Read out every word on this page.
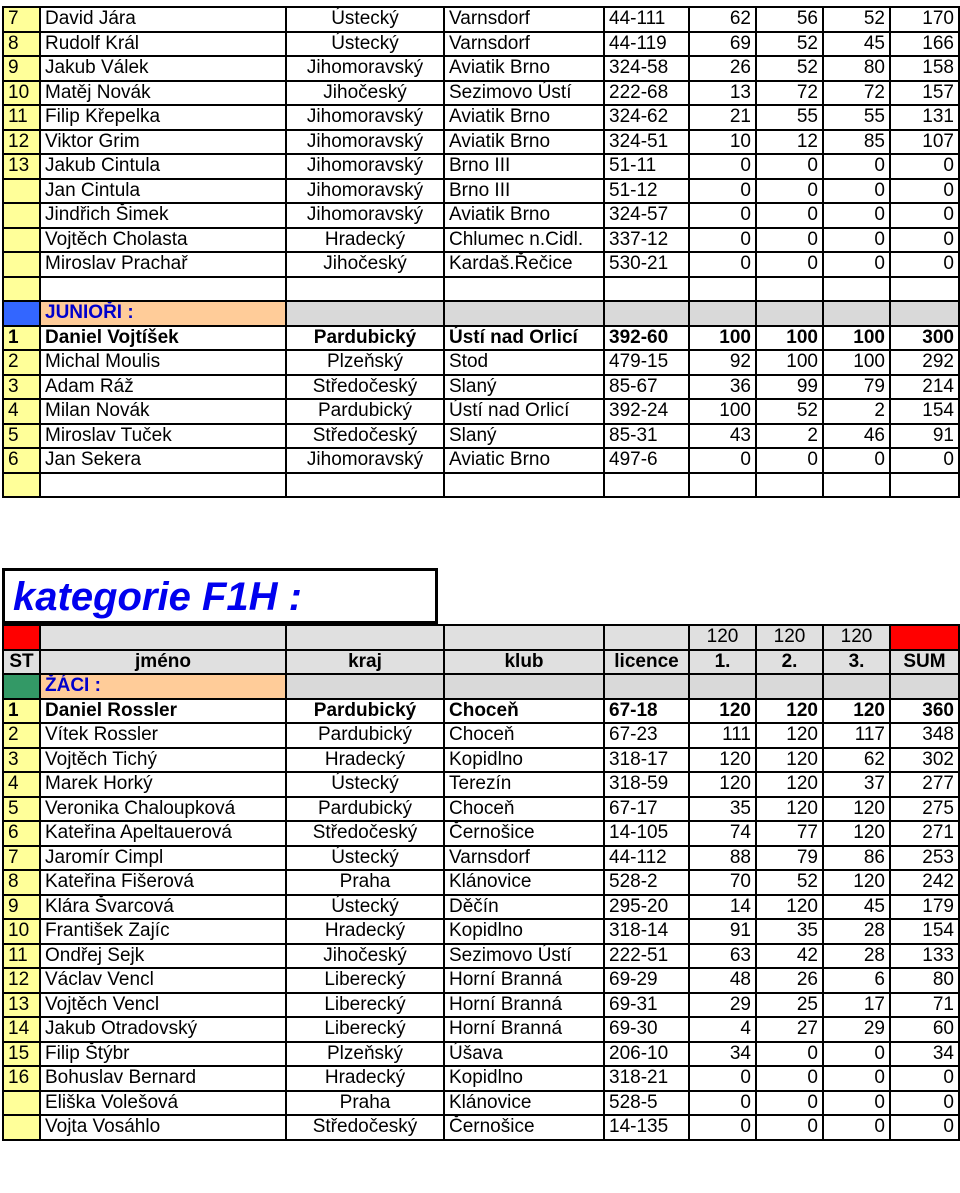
7	David Jára	Ústecký	Varnsdorf	44-111	62	56	52	170
8	Rudolf Král	Ústecký	Varnsdorf	44-119	69	52	45	166
9	Jakub Válek	Jihomoravský	Aviatik Brno	324-58	26	52	80	158
10	Matěj Novák	Jihočeský	Sezimovo Ústí	222-68	13	72	72	157
11	Filip Křepelka	Jihomoravský	Aviatik Brno	324-62	21	55	55	131
12	Viktor Grim	Jihomoravský	Aviatik Brno	324-51	10	12	85	107
13	Jakub Cintula	Jihomoravský	Brno III	51-11	0	0	0	0
	Jan Cintula	Jihomoravský	Brno III	51-12	0	0	0	0
	Jindřich Šimek	Jihomoravský	Aviatik Brno	324-57	0	0	0	0
	Vojtěch Cholasta	Hradecký	Chlumec n.Cidl.	337-12	0	0	0	0
	Miroslav Prachař	Jihočeský	Kardaš.Řečice	530-21	0	0	0	0

	JUNIOŘI :							
1	Daniel Vojtíšek	Pardubický	Ústí nad Orlicí	392-60	100	100	100	300
2	Michal Moulis	Plzeňský	Stod	479-15	92	100	100	292
3	Adam Ráž	Středočeský	Slaný	85-67	36	99	79	214
4	Milan Novák	Pardubický	Ústí nad Orlicí	392-24	100	52	2	154
5	Miroslav Tuček	Středočeský	Slaný	85-31	43	2	46	91
6	Jan Sekera	Jihomoravský	Aviatic Brno	497-6	0	0	0	0

kategorie F1H :
					120	120	120	
ST	jméno	kraj	klub	licence	1.	2.	3.	SUM
	ŽÁCI :							
1	Daniel Rossler	Pardubický	Choceň	67-18	120	120	120	360
2	Vítek Rossler	Pardubický	Choceň	67-23	111	120	117	348
3	Vojtěch Tichý	Hradecký	Kopidlno	318-17	120	120	62	302
4	Marek Horký	Ústecký	Terezín	318-59	120	120	37	277
5	Veronika Chaloupková	Pardubický	Choceň	67-17	35	120	120	275
6	Kateřina Apeltauerová	Středočeský	Černošice	14-105	74	77	120	271
7	Jaromír Cimpl	Ústecký	Varnsdorf	44-112	88	79	86	253
8	Kateřina Fišerová	Praha	Klánovice	528-2	70	52	120	242
9	Klára Švarcová	Ústecký	Děčín	295-20	14	120	45	179
10	František Zajíc	Hradecký	Kopidlno	318-14	91	35	28	154
11	Ondřej Sejk	Jihočeský	Sezimovo Ústí	222-51	63	42	28	133
12	Václav Vencl	Liberecký	Horní Branná	69-29	48	26	6	80
13	Vojtěch Vencl	Liberecký	Horní Branná	69-31	29	25	17	71
14	Jakub Otradovský	Liberecký	Horní Branná	69-30	4	27	29	60
15	Filip Štýbr	Plzeňský	Úšava	206-10	34	0	0	34
16	Bohuslav Bernard	Hradecký	Kopidlno	318-21	0	0	0	0
	Eliška Volešová	Praha	Klánovice	528-5	0	0	0	0
	Vojta Vosáhlo	Středočeský	Černošice	14-135	0	0	0	0
